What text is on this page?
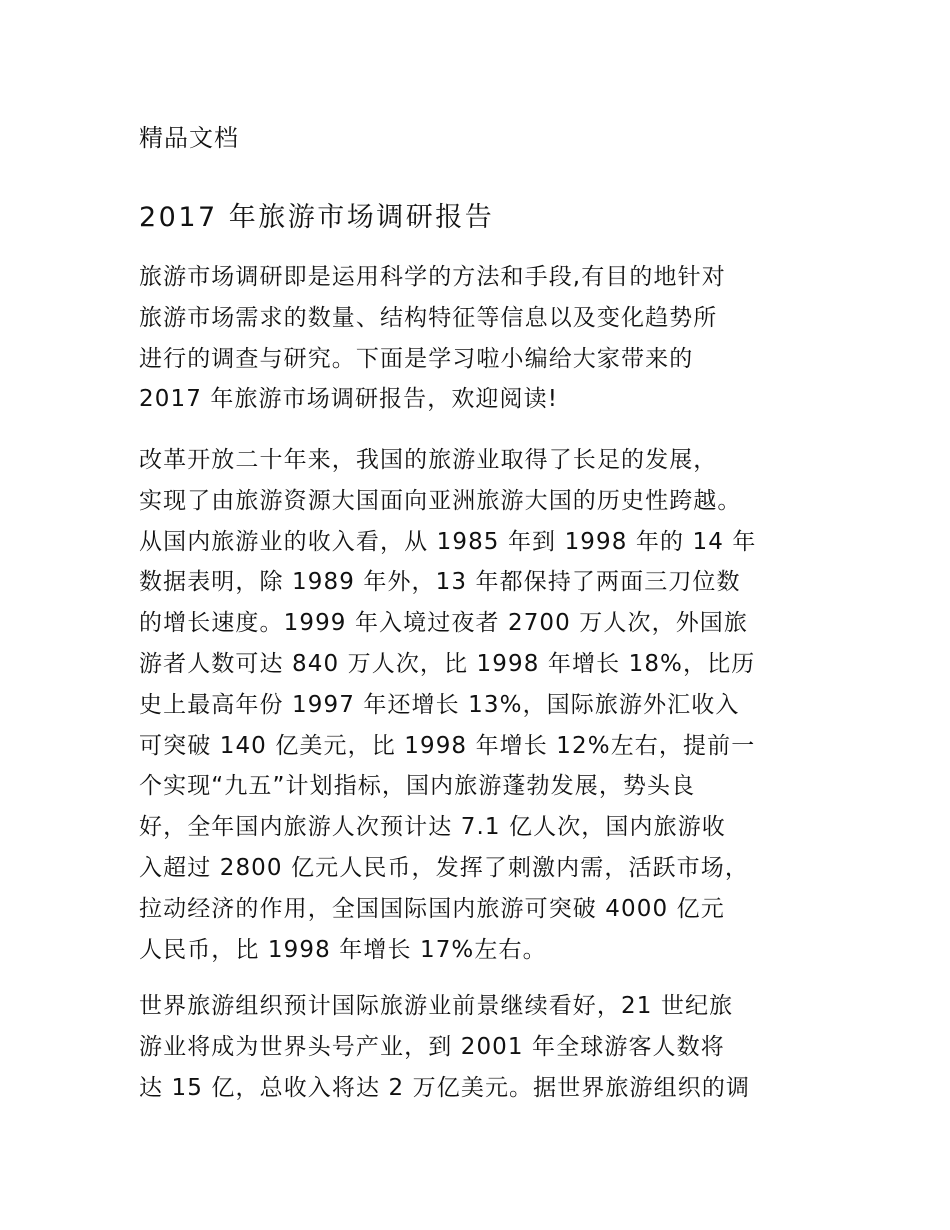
精品文档
2017 年旅游市场调研报告
旅游市场调研即是运用科学的方法和手段,有目的地针对
旅游市场需求的数量、结构特征等信息以及变化趋势所
进行的调查与研究。下面是学习啦小编给大家带来的
2017 年旅游市场调研报告，欢迎阅读!
改革开放二十年来，我国的旅游业取得了长足的发展，
实现了由旅游资源大国面向亚洲旅游大国的历史性跨越。
从国内旅游业的收入看，从 1985 年到 1998 年的 14 年
数据表明，除 1989 年外，13 年都保持了两面三刀位数
的增长速度。1999 年入境过夜者 2700 万人次，外国旅
游者人数可达 840 万人次，比 1998 年增长 18%，比历
史上最高年份 1997 年还增长 13%，国际旅游外汇收入
可突破 140 亿美元，比 1998 年增长 12%左右，提前一
个实现“九五”计划指标，国内旅游蓬勃发展，势头良
好，全年国内旅游人次预计达 7.1 亿人次，国内旅游收
入超过 2800 亿元人民币，发挥了刺激内需，活跃市场，
拉动经济的作用，全国国际国内旅游可突破 4000 亿元
人民币，比 1998 年增长 17%左右。
世界旅游组织预计国际旅游业前景继续看好，21 世纪旅
游业将成为世界头号产业，到 2001 年全球游客人数将
达 15 亿，总收入将达 2 万亿美元。据世界旅游组织的调
